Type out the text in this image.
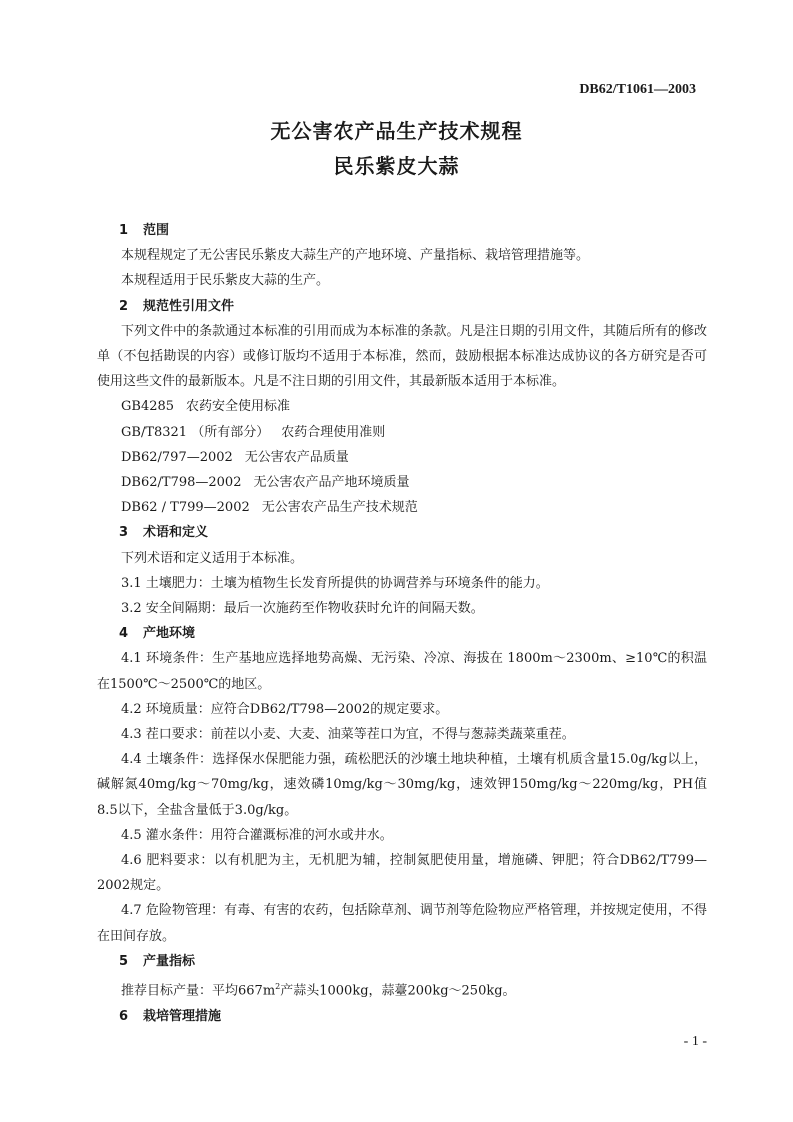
DB62/T1061—2003
无公害农产品生产技术规程
民乐紫皮大蒜
1 范围
本规程规定了无公害民乐紫皮大蒜生产的产地环境、产量指标、栽培管理措施等。
本规程适用于民乐紫皮大蒜的生产。
2 规范性引用文件
下列文件中的条款通过本标准的引用而成为本标准的条款。凡是注日期的引用文件，其随后所有的修改单（不包括勘误的内容）或修订版均不适用于本标准，然而，鼓励根据本标准达成协议的各方研究是否可使用这些文件的最新版本。凡是不注日期的引用文件，其最新版本适用于本标准。
GB4285 农药安全使用标准
GB/T8321 （所有部分） 农药合理使用准则
DB62/797—2002 无公害农产品质量
DB62/T798—2002 无公害农产品产地环境质量
DB62 / T799—2002 无公害农产品生产技术规范
3 术语和定义
下列术语和定义适用于本标准。
3.1 土壤肥力：土壤为植物生长发育所提供的协调营养与环境条件的能力。
3.2 安全间隔期：最后一次施药至作物收获时允许的间隔天数。
4 产地环境
4.1 环境条件：生产基地应选择地势高燥、无污染、冷凉、海拔在 1800m～2300m、≥10℃的积温在1500℃～2500℃的地区。
4.2 环境质量：应符合DB62/T798—2002的规定要求。
4.3 茬口要求：前茬以小麦、大麦、油菜等茬口为宜，不得与葱蒜类蔬菜重茬。
4.4 土壤条件：选择保水保肥能力强，疏松肥沃的沙壤土地块种植，土壤有机质含量15.0g/kg以上，碱解氮40mg/kg～70mg/kg，速效磷10mg/kg～30mg/kg，速效钾150mg/kg～220mg/kg，PH值8.5以下，全盐含量低于3.0g/kg。
4.5 灌水条件：用符合灌溉标准的河水或井水。
4.6 肥料要求：以有机肥为主，无机肥为辅，控制氮肥使用量，增施磷、钾肥；符合DB62/T799—2002规定。
4.7 危险物管理：有毒、有害的农药，包括除草剂、调节剂等危险物应严格管理，并按规定使用，不得在田间存放。
5 产量指标
推荐目标产量：平均$667m^2$产蒜头1000kg，蒜薹200kg～250kg。
6 栽培管理措施
- 1 -
